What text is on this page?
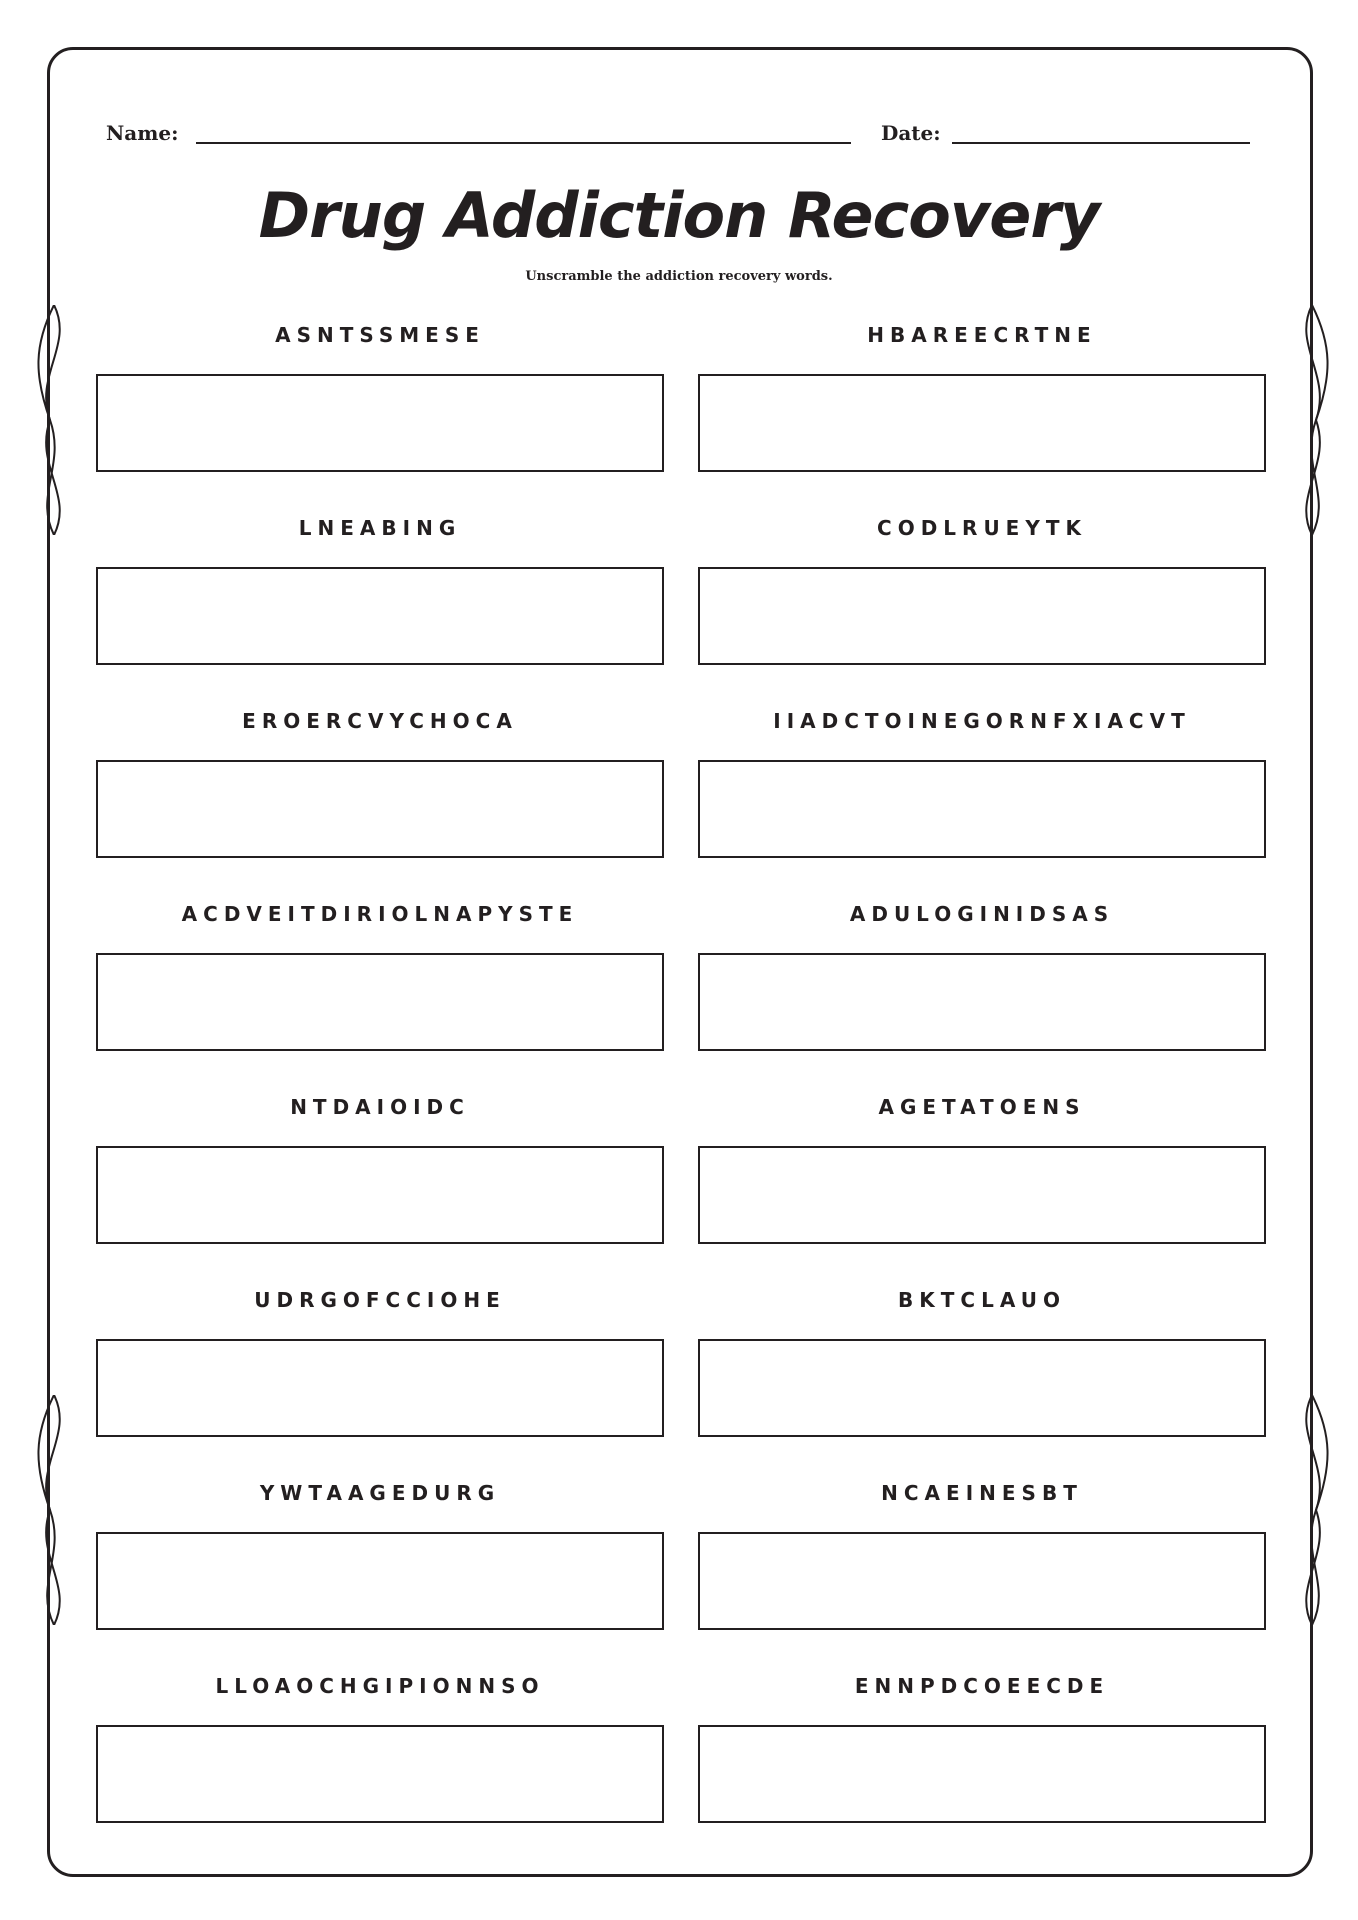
Name:	Date:
Drug Addiction Recovery
Unscramble the addiction recovery words.
ASNTSSMESE	HBAREECRTNE
LNEABING	CODLRUEYTK
EROERCVYCHOCA	IIADCTOINEGORNFXIACVT
ACDVEITDIRIOLNAPYSTE	ADULOGINIDSAS
NTDAIOIDC	AGETATOENS
UDRGOFCCIOHE	BKTCLAUO
YWTAAGEDURG	NCAEINESBT
LLOAOCHGIPIONNSO	ENNPDCOEECDE
